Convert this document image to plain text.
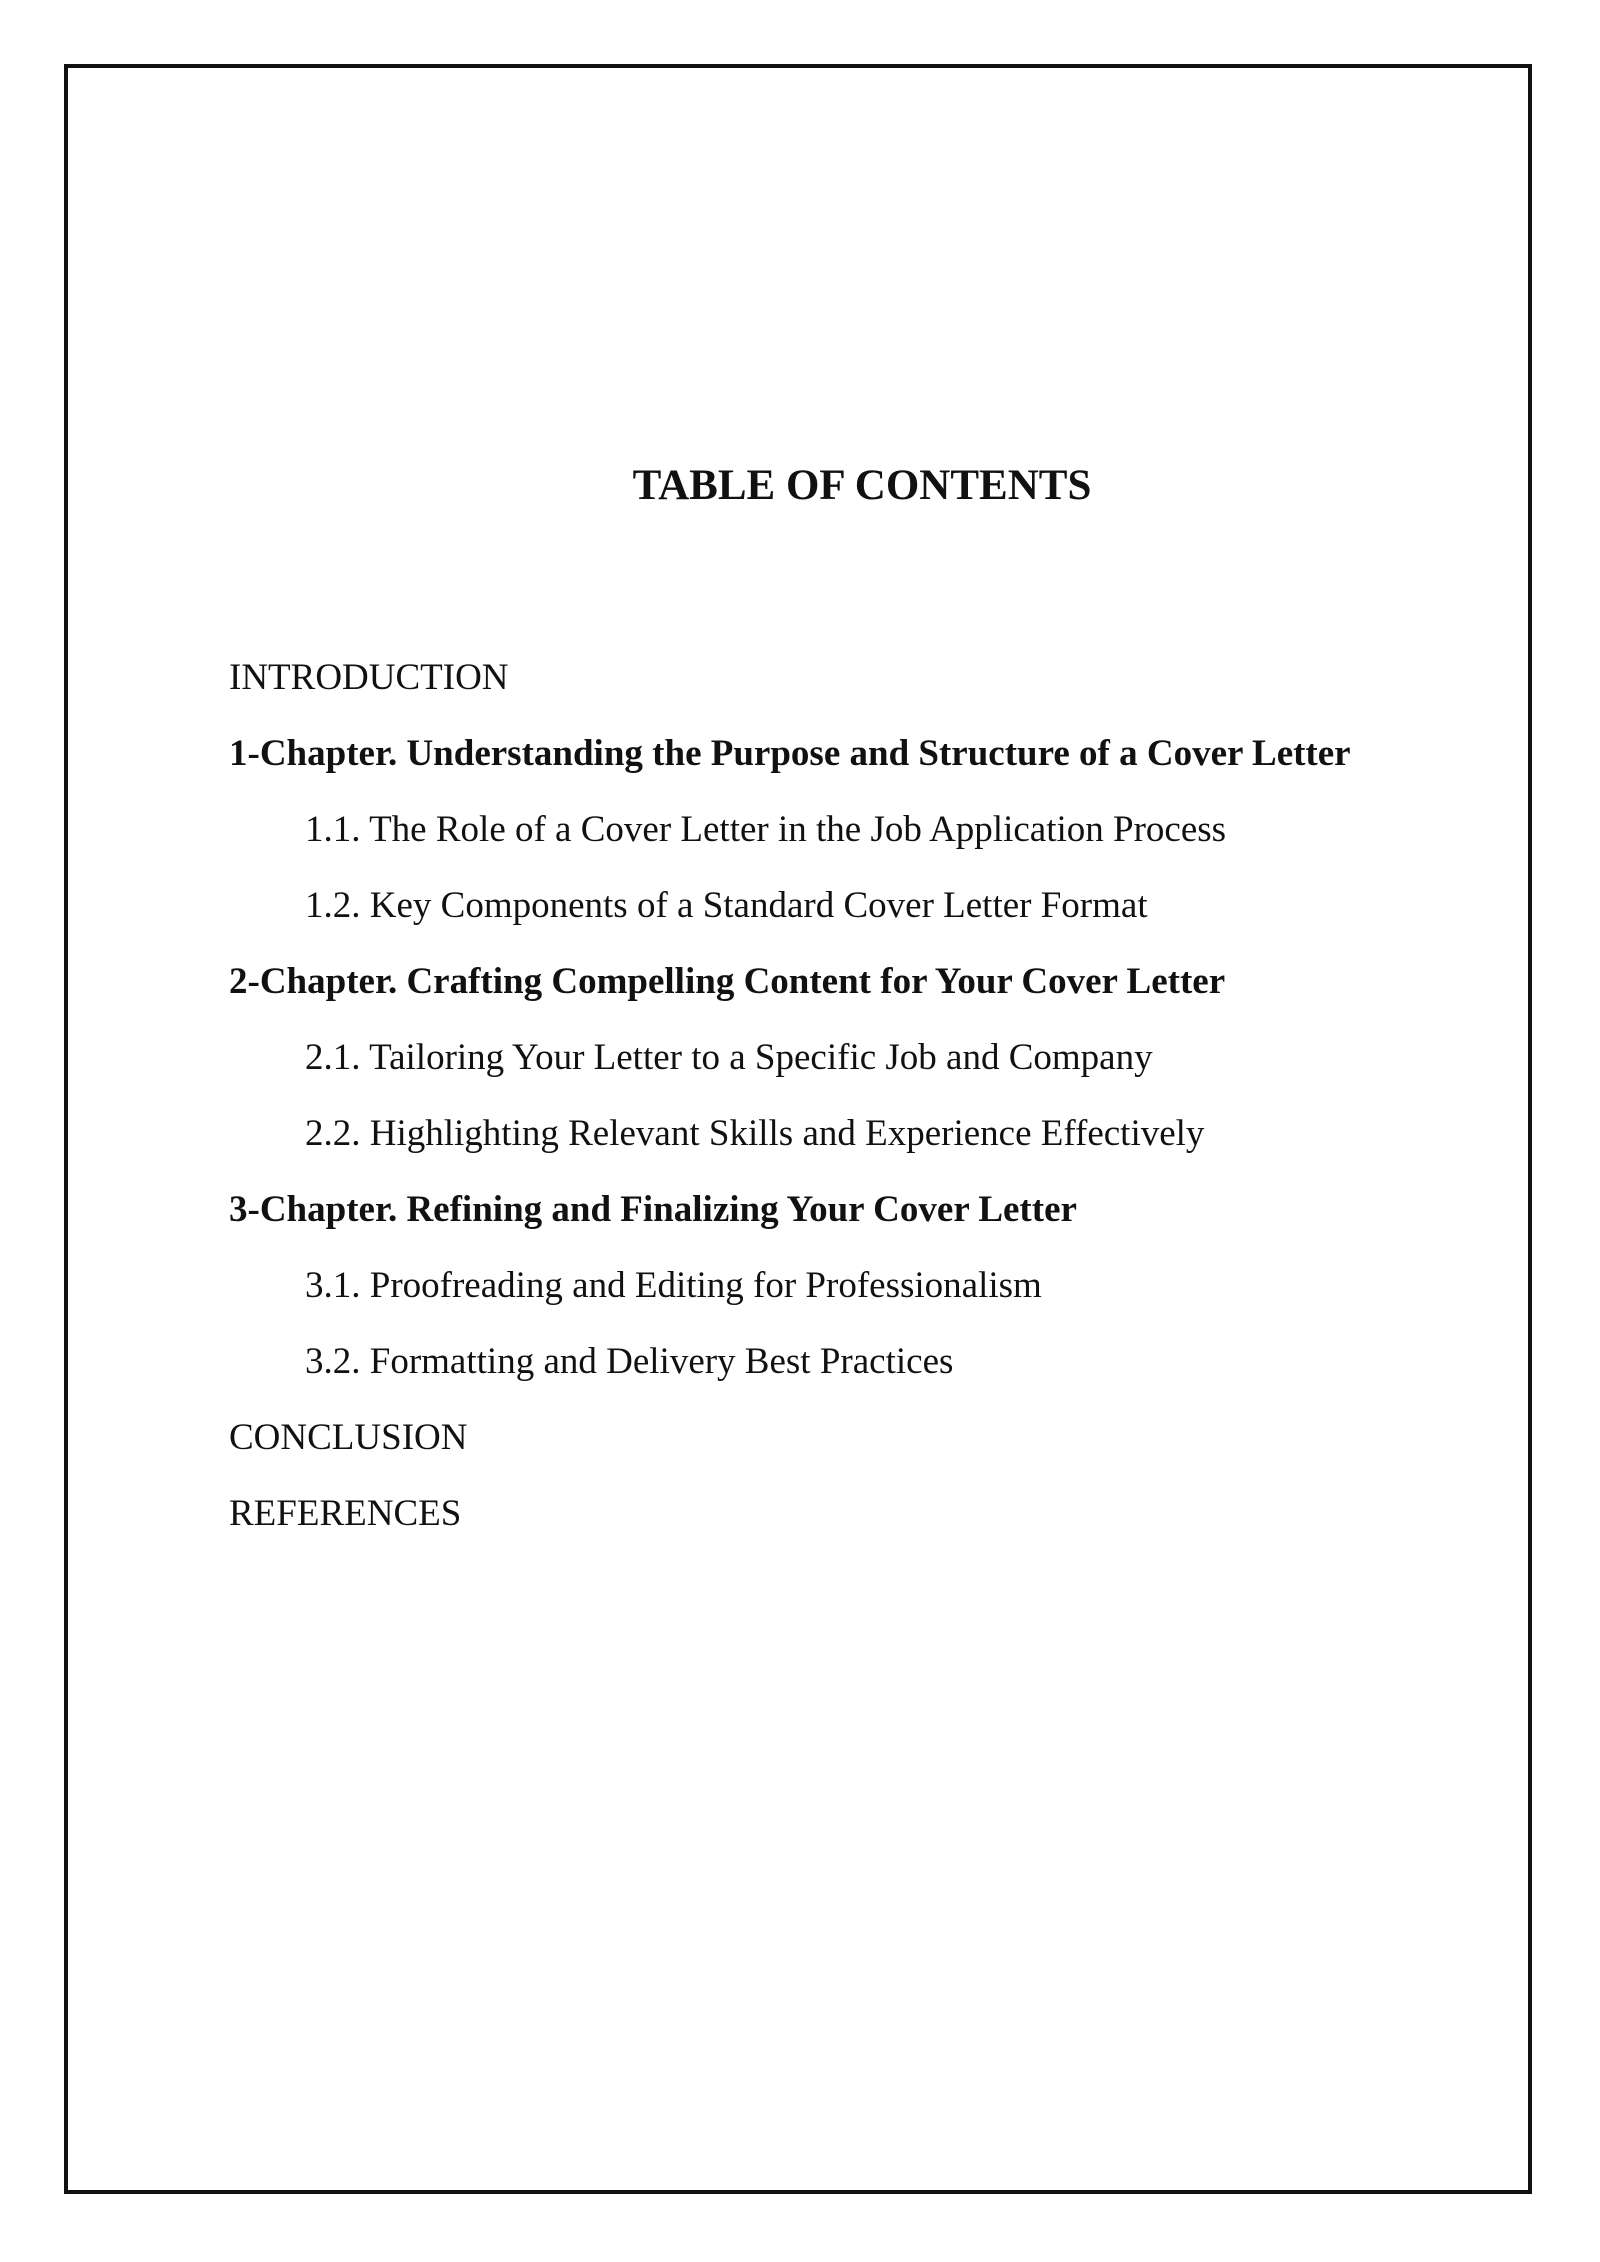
TABLE OF CONTENTS
INTRODUCTION
1-Chapter. Understanding the Purpose and Structure of a Cover Letter
1.1. The Role of a Cover Letter in the Job Application Process
1.2. Key Components of a Standard Cover Letter Format
2-Chapter. Crafting Compelling Content for Your Cover Letter
2.1. Tailoring Your Letter to a Specific Job and Company
2.2. Highlighting Relevant Skills and Experience Effectively
3-Chapter. Refining and Finalizing Your Cover Letter
3.1. Proofreading and Editing for Professionalism
3.2. Formatting and Delivery Best Practices
CONCLUSION
REFERENCES
